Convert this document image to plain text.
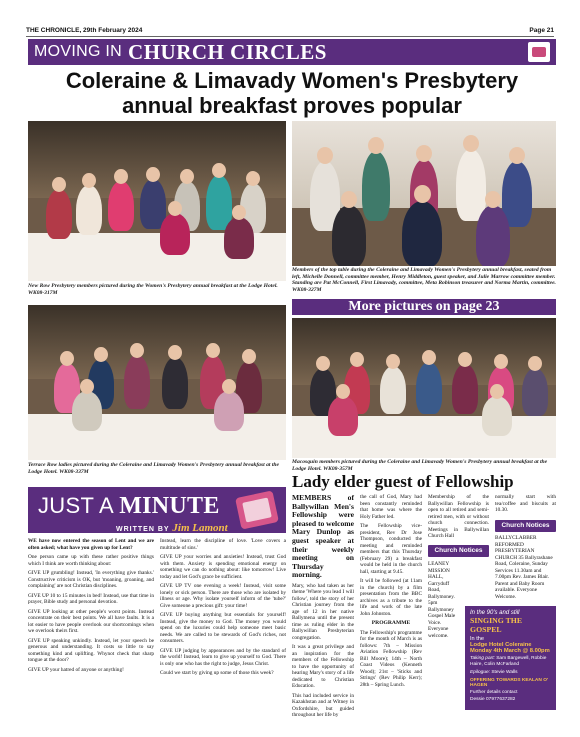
THE CHRONICLE, 29th February 2024	Page 21
MOVING IN CHURCH CIRCLES
Coleraine & Limavady Women's Presbytery annual breakfast proves popular
New Row Presbytery members pictured during the Women's Presbytery annual breakfast at the Lodge Hotel. WK08-317M
Members of the top table during the Coleraine and Limavady Women's Presbytery annual breakfast, seated from left, Michelle Donnell, committee member, Henry Middleton, guest speaker, and Julie Marrow committee member. Standing are Pat McConnell, First Limavady, committee, Meta Robinson treasurer and Norma Martin, committee. WK08-327M
More pictures on page 23
Terrace Row ladies pictured during the Coleraine and Limavady Women's Presbytery annual breakfast at the Lodge Hotel. WK08-337M
Macosquin members pictured during the Coleraine and Limavady Women's Presbytery annual breakfast at the Lodge Hotel. WK08-357M
Lady elder guest of Fellowship
JUST A MINUTE
WRITTEN BY Jim Lamont

WE have now entered the season of Lent and we are often asked; what have you given up for Lent?

One person came up with these rather positive things which I think are worth thinking about:

GIVE UP grumbling! Instead, 'In everything give thanks.' Constructive criticism is OK, but 'moaning, groaning, and complaining' are not Christian disciplines.

GIVE UP 10 to 15 minutes in bed! Instead, use that time in prayer, Bible study and personal devotion.

GIVE UP looking at other people's worst points. Instead concentrate on their best points. We all have faults. It is a lot easier to have people overlook our shortcomings when we overlook theirs first.

GIVE UP speaking unkindly. Instead, let your speech be generous and understanding. It costs so little to say something kind and uplifting. Whynot check that sharp tongue at the door?

GIVE UP your hatred of anyone or anything!

Instead, learn the discipline of love. 'Love covers a multitude of sins.'

GIVE UP your worries and anxieties! Instead, trust God with them. Anxiety is spending emotional energy on something we can do nothing about: like tomorrow! Live today and let God's grace be sufficient.

GIVE UP TV one evening a week! Instead, visit some lonely or sick person. There are those who are isolated by illness or age. Why isolate yourself inform of the 'tube?' Give someone a precious gift: your time!

GIVE UP buying anything but essentials for yourself! Instead, give the money to God. The money you would spend on the luxuries could help someone meet basic needs. We are called to be stewards of God's riches, not consumers.

GIVE UP judging by appearances and by the standard of the world! Instead, learn to give up yourself to God. There is only one who has the right to judge, Jesus Christ.

Could we start by giving up some of those this week?

MEMBERS of Ballywillan Men's Fellowship were pleased to welcome Mary Dunlop as guest speaker at their weekly meeting on Thursday morning.

Mary, who had taken as her theme 'Where you lead I will follow', told the story of her Christian journey from the age of 12 in her native Ballymena until the present time as ruling elder in the Ballywillan Presbyterian congregation.

It was a great privilege and an inspiration for the members of the Fellowship to have the opportunity of hearing Mary's story of a life dedicated to Christian Education.

This had included service in Kazakhstan and at Witney in Oxfordshire, but guided throughout her life by

the call of God, Mary had been constantly reminded that home was where the Holy Father led.

The Fellowship vice-president, Rev Dr Jose Thompson, conducted the meeting and reminded members that this Thursday (February 29) a breakfast would be held in the church hall, starting at 9.45.

It will be followed (at 11am in the church) by a film presentation from the BBC archives as a tribute to the life and work of the late John Johnston.

PROGRAMME

The Fellowship's programme for the month of March is as follows: 7th – Mission Aviation Fellowship (Rev Bill Moore); 14th – North Coast Videos (Kenneth Wood); 21st – 'Sticks and Strings' (Rev Philip Kerr); 28th – Spring Lunch.

Membership of the Ballywillan Fellowship is open to all retired and semi-retired men, with or without church connection. Meetings in Ballywillan Church Hall

Church Notices

LEANEY MISSION HALL, Garryduff Road, Ballymoney. 5pm Ballymoney Gospel Male Voice. Everyone welcome.

normally start with tea/coffee and biscuits at 10.30.

Church Notices

BALLYCLABBER REFORMED PRESBYTERIAN CHURCH 35 Ballyrashane Road, Coleraine, Sunday Services 11.30am and 7.00pm Rev. James Blair. Parent and Baby Room available. Everyone Welcome.

In the 90's and still
SINGING THE GOSPEL
In the
Lodge Hotel Coleraine
Monday 4th March @ 8.00pm
Taking part: Sam Bargewell, Robbie Haire, Colin McFarland
Epilogue: Stevie Walls
OFFERING TOWARDS KEALAN O' HAGEN
Further details contact
Dessie 07977637282
